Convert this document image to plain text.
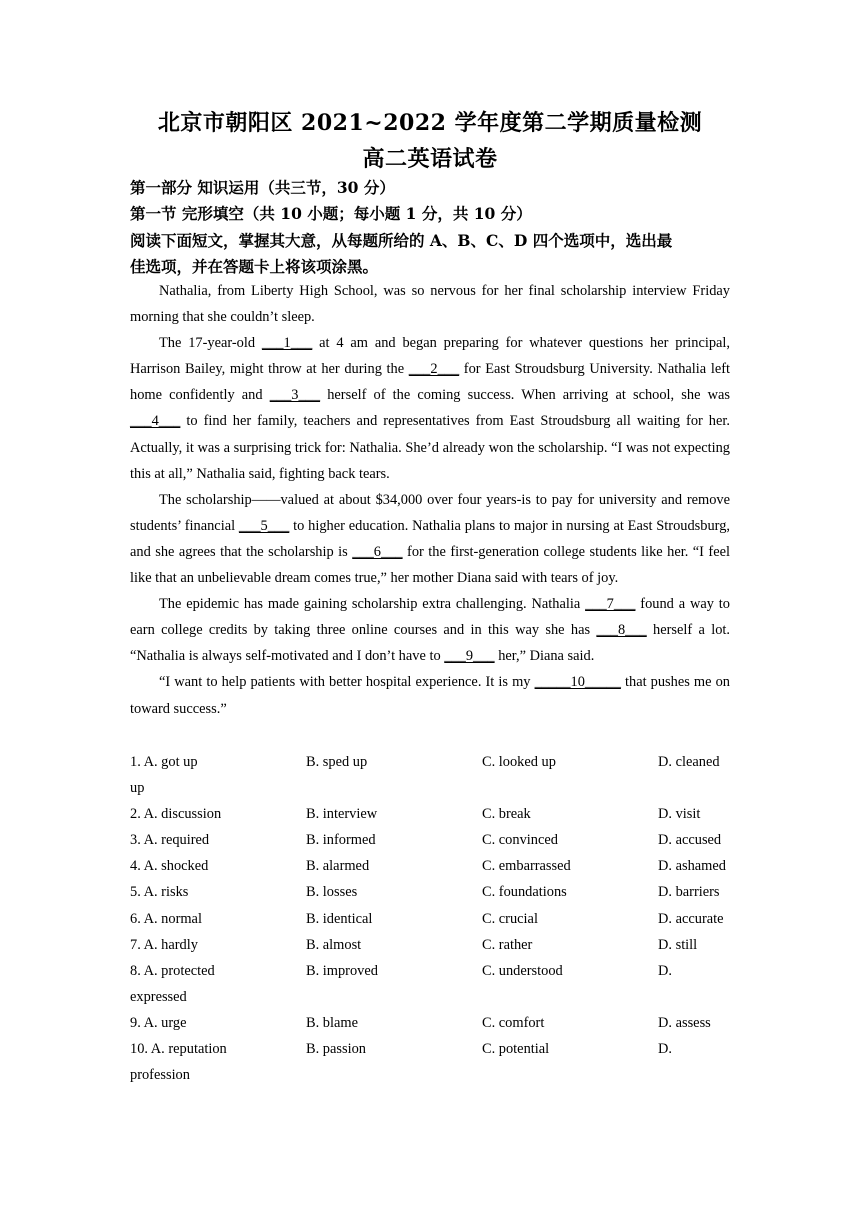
北京市朝阳区 2021~2022 学年度第二学期质量检测
高二英语试卷
第一部分 知识运用（共三节，30 分）
第一节 完形填空（共 10 小题；每小题 1 分，共 10 分）
阅读下面短文，掌握其大意，从每题所给的 A、B、C、D 四个选项中，选出最
佳选项，并在答题卡上将该项涂黑。

Nathalia, from Liberty High School, was so nervous for her final scholarship interview Friday morning that she couldn’t sleep.

The 17-year-old ___1___ at 4 am and began preparing for whatever questions her principal, Harrison Bailey, might throw at her during the ___2___ for East Stroudsburg University. Nathalia left home confidently and ___3___ herself of the coming success. When arriving at school, she was ___4___ to find her family, teachers and representatives from East Stroudsburg all waiting for her. Actually, it was a surprising trick for: Nathalia. She’d already won the scholarship. “I was not expecting this at all,” Nathalia said, fighting back tears.

The scholarship——valued at about $34,000 over four years-is to pay for university and remove students’ financial ___5___ to higher education. Nathalia plans to major in nursing at East Stroudsburg, and she agrees that the scholarship is ___6___ for the first-generation college students like her. “I feel like that an unbelievable dream comes true,” her mother Diana said with tears of joy.

The epidemic has made gaining scholarship extra challenging. Nathalia ___7___ found a way to earn college credits by taking three online courses and in this way she has ___8___ herself a lot. “Nathalia is always self-motivated and I don’t have to ___9___ her,” Diana said.

“I want to help patients with better hospital experience. It is my _____10_____ that pushes me on toward success.”

1. A. got up	B. sped up	C. looked up	D. cleaned
up
2. A. discussion	B. interview	C. break	D. visit
3. A. required	B. informed	C. convinced	D. accused
4. A. shocked	B. alarmed	C. embarrassed	D. ashamed
5. A. risks	B. losses	C. foundations	D. barriers
6. A. normal	B. identical	C. crucial	D. accurate
7. A. hardly	B. almost	C. rather	D. still
8. A. protected	B. improved	C. understood	D.
expressed
9. A. urge	B. blame	C. comfort	D. assess
10. A. reputation	B. passion	C. potential	D.
profession
